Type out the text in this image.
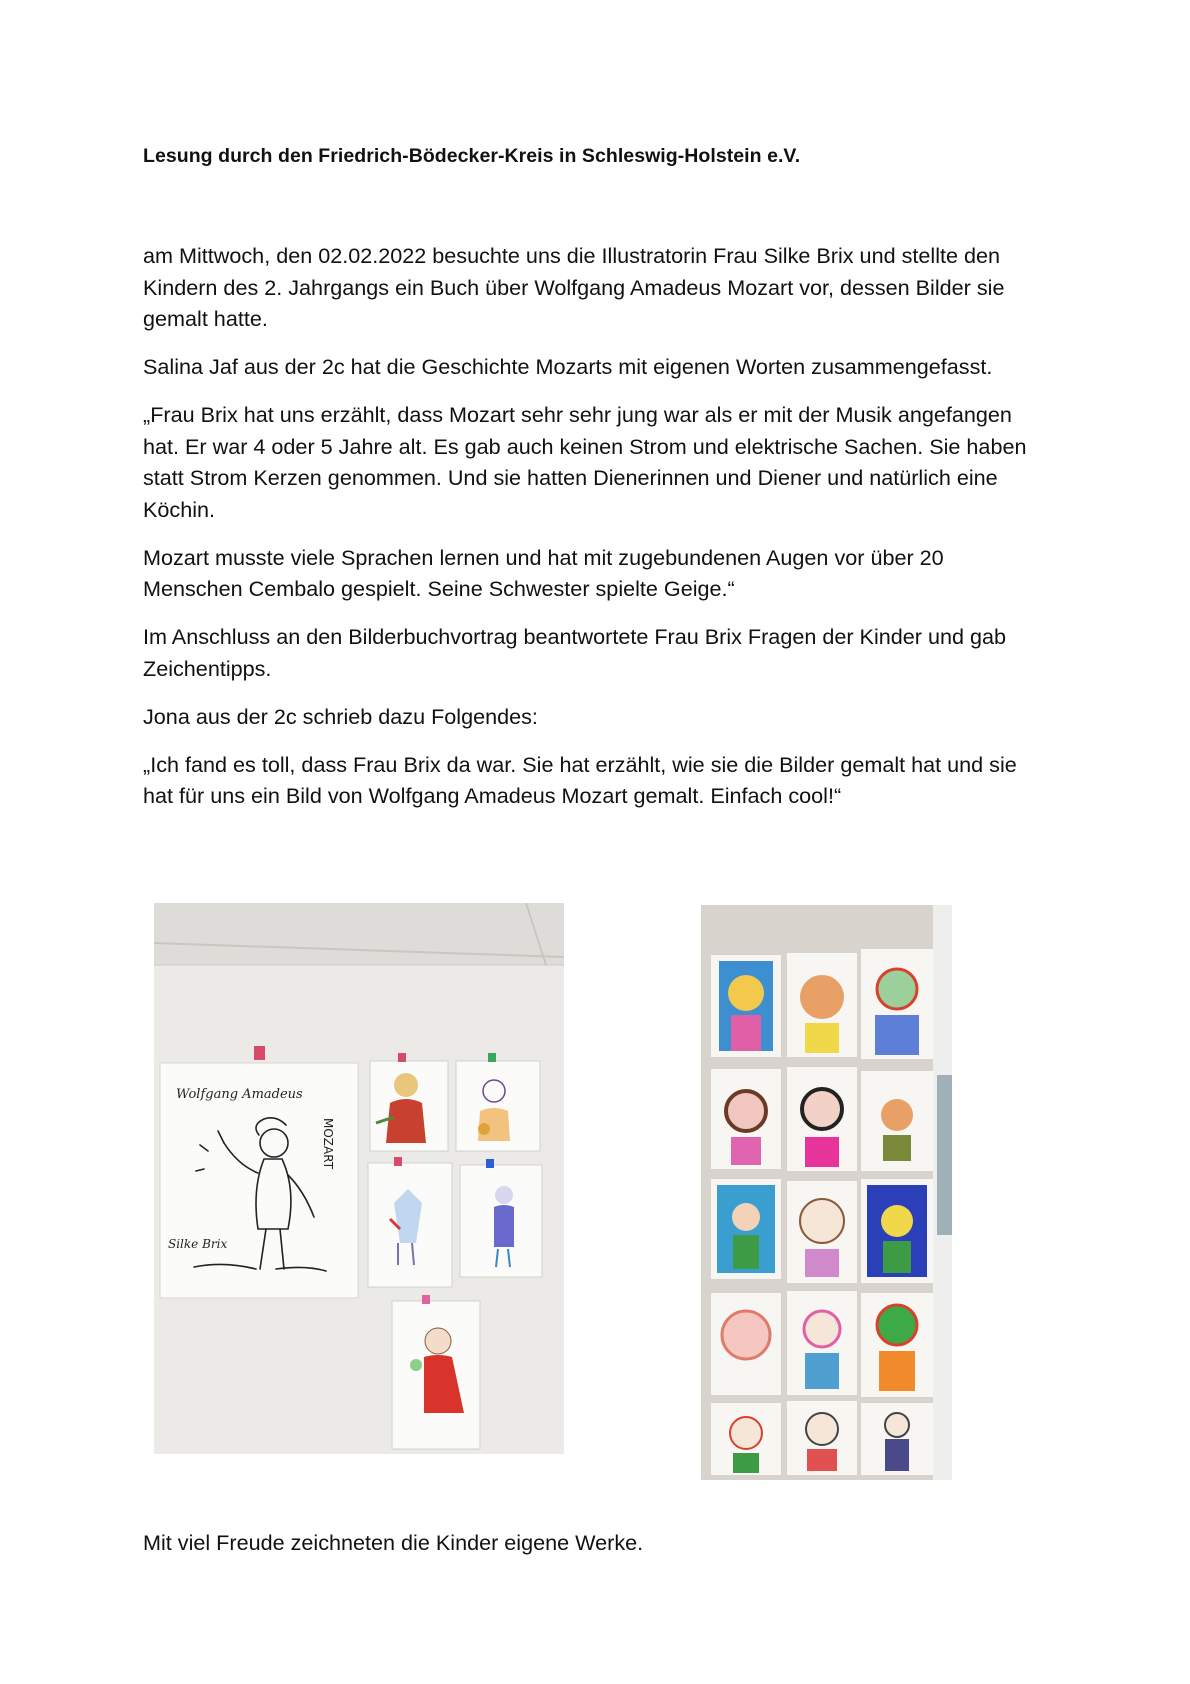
Lesung durch den Friedrich-Bödecker-Kreis in Schleswig-Holstein e.V.

am Mittwoch, den 02.02.2022 besuchte uns die Illustratorin Frau Silke Brix und stellte den Kindern des 2. Jahrgangs ein Buch über Wolfgang Amadeus Mozart vor, dessen Bilder sie gemalt hatte.

Salina Jaf aus der 2c hat die Geschichte Mozarts mit eigenen Worten zusammengefasst.

„Frau Brix hat uns erzählt, dass Mozart sehr sehr jung war als er mit der Musik angefangen hat. Er war 4 oder 5 Jahre alt. Es gab auch keinen Strom und elektrische Sachen. Sie haben statt Strom Kerzen genommen. Und sie hatten Dienerinnen und Diener und natürlich eine Köchin.

Mozart musste viele Sprachen lernen und hat mit zugebundenen Augen vor über 20 Menschen Cembalo gespielt. Seine Schwester spielte Geige.“

Im Anschluss an den Bilderbuchvortrag beantwortete Frau Brix Fragen der Kinder und gab Zeichentipps.

Jona aus der 2c schrieb dazu Folgendes:

„Ich fand es toll, dass Frau Brix da war. Sie hat erzählt, wie sie die Bilder gemalt hat und sie hat für uns ein Bild von Wolfgang Amadeus Mozart gemalt. Einfach cool!“

Wolfgang Amadeus
MOZART
Silke Brix

Mit viel Freude zeichneten die Kinder eigene Werke.
